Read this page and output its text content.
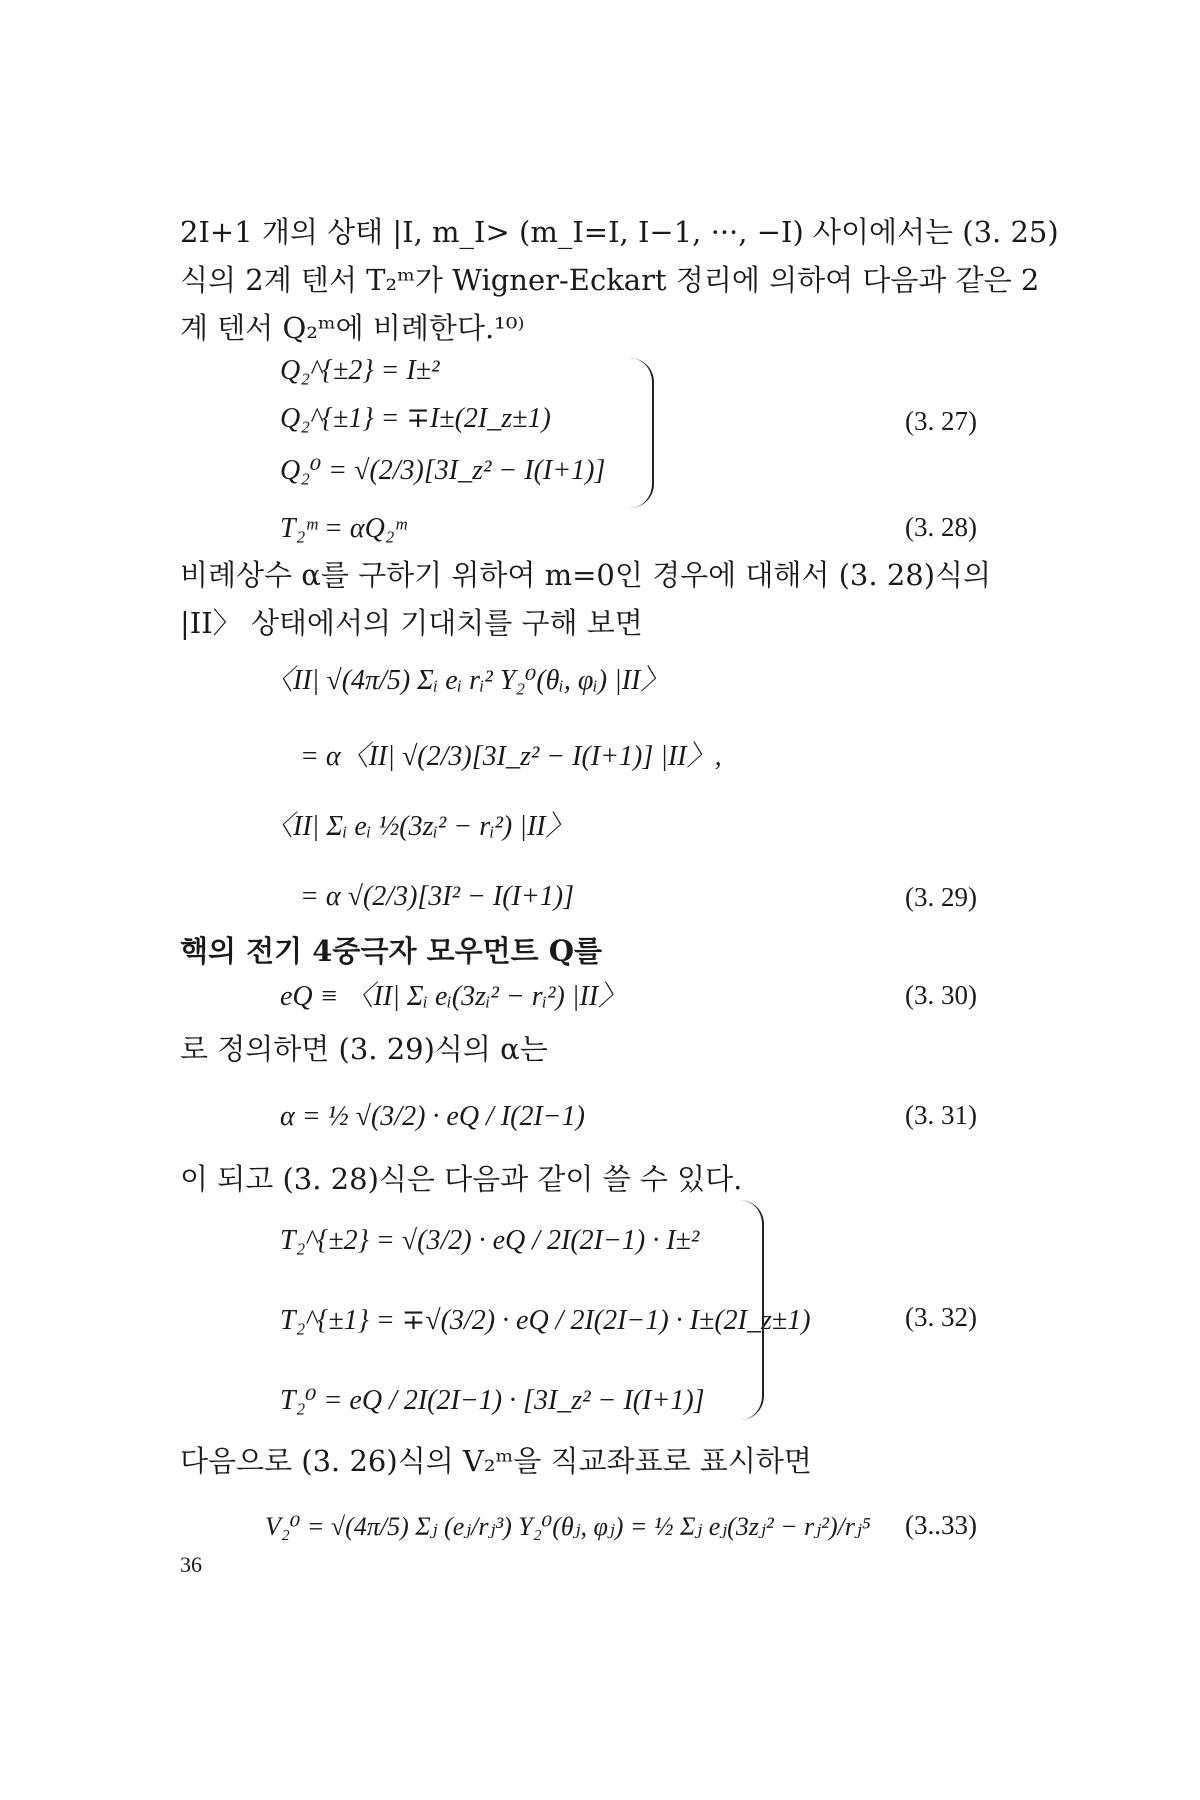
2I+1 개의 상태 |I, m_I> (m_I=I, I−1, ···, −I) 사이에서는 (3. 25)
식의 2계 텐서 T₂ᵐ가 Wigner-Eckart 정리에 의하여 다음과 같은 2
계 텐서 Q₂ᵐ에 비례한다.¹⁰⁾
Q₂^{±2} = I±²
Q₂^{±1} = ∓I±(2I_z±1)
Q₂⁰ = √(2/3)[3I_z² − I(I+1)]
(3. 27)
T₂ᵐ = αQ₂ᵐ	(3. 28)
비례상수 α를 구하기 위하여 m=0인 경우에 대해서 (3. 28)식의
|II〉 상태에서의 기대치를 구해 보면
〈II| √(4π/5) Σᵢ eᵢ rᵢ² Y₂⁰(θᵢ, φᵢ) |II〉
= α〈II| √(2/3)[3I_z² − I(I+1)] |II〉,
〈II| Σᵢ eᵢ ½(3zᵢ² − rᵢ²) |II〉
= α √(2/3)[3I² − I(I+1)]	(3. 29)
핵의 전기 4중극자 모우먼트 Q를
eQ ≡ 〈II| Σᵢ eᵢ(3zᵢ² − rᵢ²) |II〉	(3. 30)
로 정의하면 (3. 29)식의 α는
α = ½ √(3/2) · eQ / I(2I−1)	(3. 31)
이 되고 (3. 28)식은 다음과 같이 쓸 수 있다.
T₂^{±2} = √(3/2) · eQ / 2I(2I−1) · I±²
T₂^{±1} = ∓√(3/2) · eQ / 2I(2I−1) · I±(2I_z±1)
T₂⁰ = eQ / 2I(2I−1) · [3I_z² − I(I+1)]
(3. 32)
다음으로 (3. 26)식의 V₂ᵐ을 직교좌표로 표시하면
V₂⁰ = √(4π/5) Σⱼ (eⱼ/rⱼ³) Y₂⁰(θⱼ, φⱼ) = ½ Σⱼ eⱼ(3zⱼ² − rⱼ²)/rⱼ⁵ (3..33)
36
